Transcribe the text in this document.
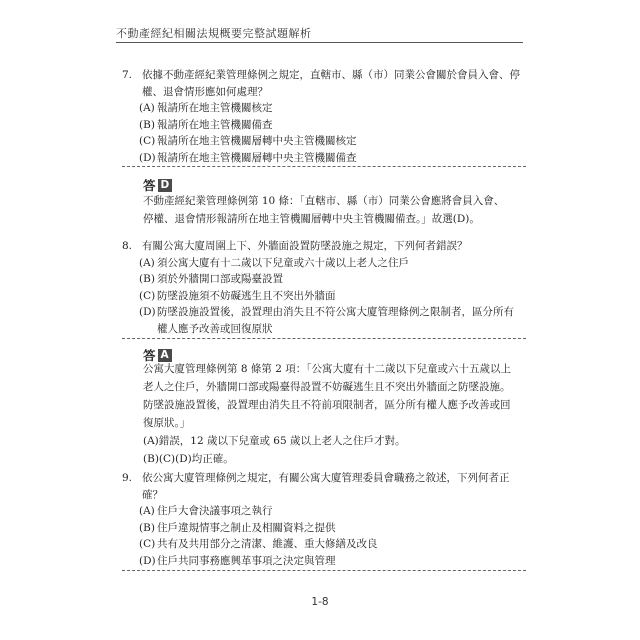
不動產經紀相關法規概要完整試題解析
7. 依據不動產經紀業管理條例之規定，直轄市、縣（市）同業公會關於會員入會、停權、退會情形應如何處理？
(A) 報請所在地主管機關核定
(B) 報請所在地主管機關備查
(C) 報請所在地主管機關層轉中央主管機關核定
(D) 報請所在地主管機關層轉中央主管機關備查
答 D

不動產經紀業管理條例第 10 條：「直轄市、縣（市）同業公會應將會員入會、停權、退會情形報請所在地主管機關層轉中央主管機關備查。」故選(D)。

8. 有關公寓大廈周圍上下、外牆面設置防墜設施之規定，下列何者錯誤？
(A) 須公寓大廈有十二歲以下兒童或六十歲以上老人之住戶
(B) 須於外牆開口部或陽臺設置
(C) 防墜設施須不妨礙逃生且不突出外牆面
(D) 防墜設施設置後，設置理由消失且不符公寓大廈管理條例之限制者，區分所有權人應予改善或回復原狀
答 A

公寓大廈管理條例第 8 條第 2 項：「公寓大廈有十二歲以下兒童或六十五歲以上老人之住戶，外牆開口部或陽臺得設置不妨礙逃生且不突出外牆面之防墜設施。防墜設施設置後，設置理由消失且不符前項限制者，區分所有權人應予改善或回復原狀。」

(A)錯誤，12 歲以下兒童或 65 歲以上老人之住戶才對。

(B)(C)(D)均正確。

9. 依公寓大廈管理條例之規定，有關公寓大廈管理委員會職務之敘述，下列何者正確？
(A) 住戶大會決議事項之執行
(B) 住戶違規情事之制止及相關資料之提供
(C) 共有及共用部分之清潔、維護、重大修繕及改良
(D) 住戶共同事務應興革事項之決定與管理
1-8
